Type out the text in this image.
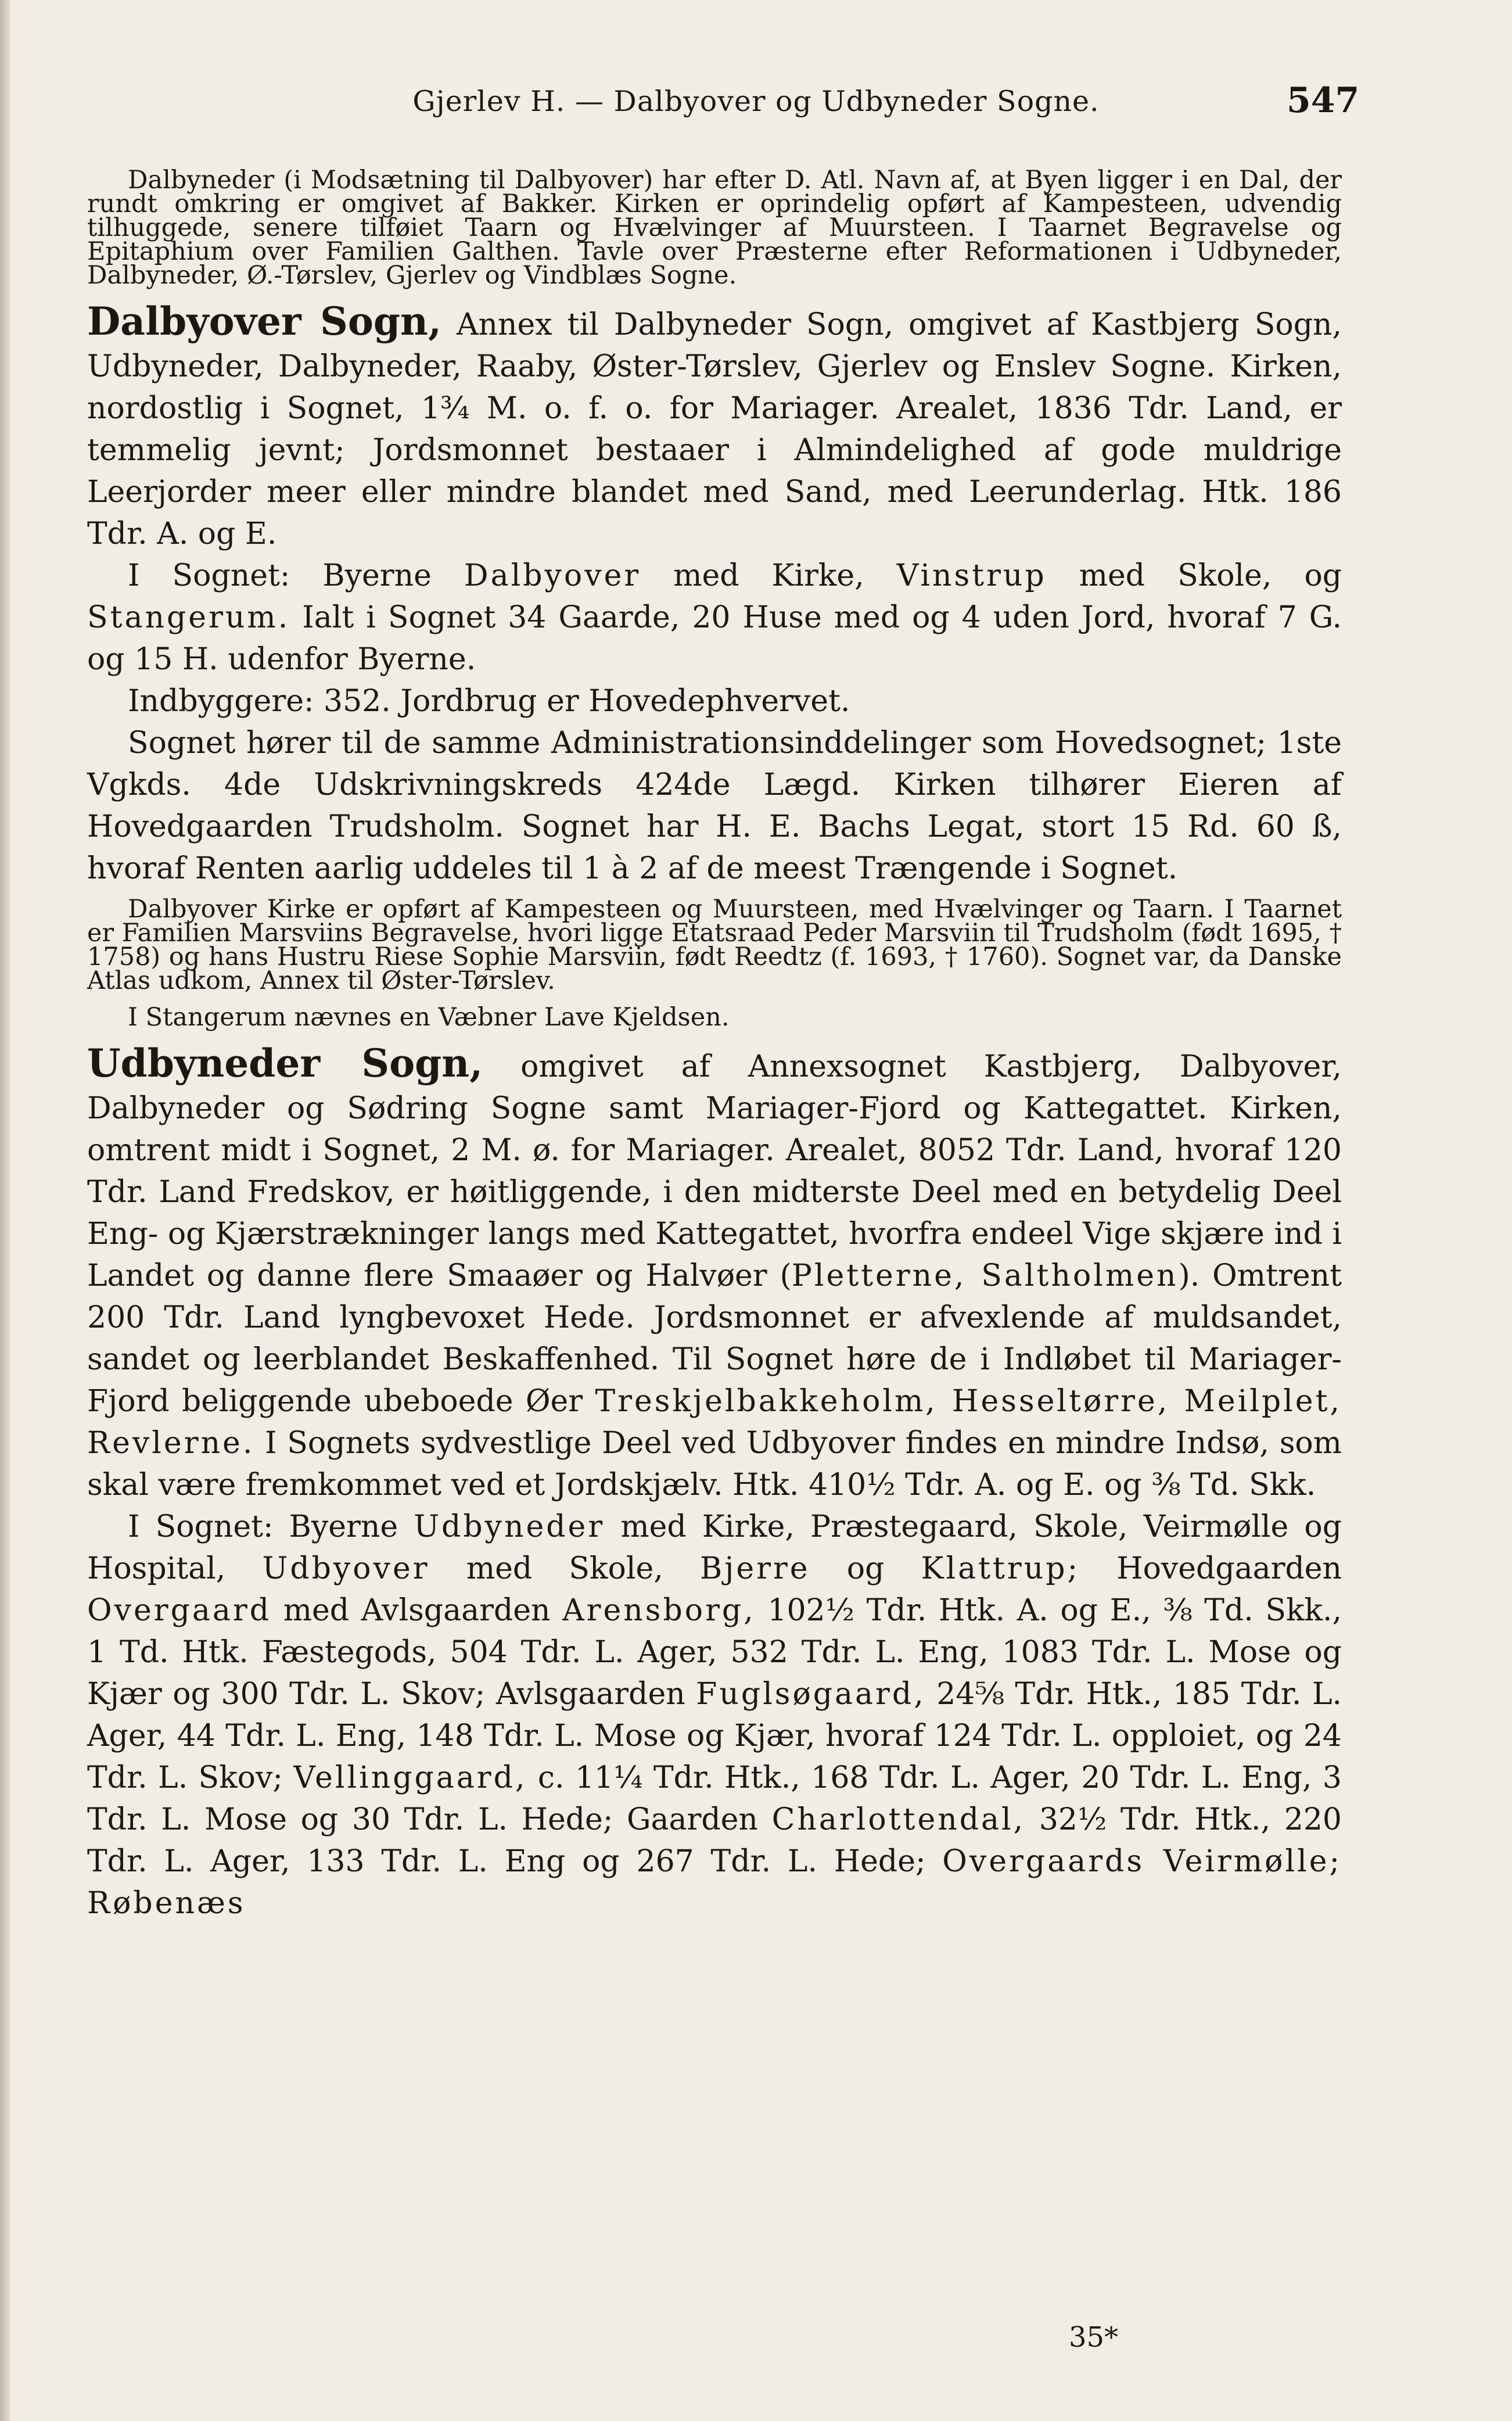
Gjerlev H. — Dalbyover og Udbyneder Sogne.	547

Dalbyneder (i Modsætning til Dalbyover) har efter D. Atl. Navn af, at Byen ligger i en Dal, der rundt omkring er omgivet af Bakker. Kirken er oprindelig opført af Kampesteen, udvendig tilhuggede, senere tilføiet Taarn og Hvælvinger af Muursteen. I Taarnet Begravelse og Epitaphium over Familien Galthen. Tavle over Præsterne efter Reformationen i Udbyneder, Dalbyneder, Ø.-Tørslev, Gjerlev og Vindblæs Sogne.

Dalbyover Sogn, Annex til Dalbyneder Sogn, omgivet af Kastbjerg Sogn, Udbyneder, Dalbyneder, Raaby, Øster-Tørslev, Gjerlev og Enslev Sogne. Kirken, nordostlig i Sognet, 1¾ M. o. f. o. for Mariager. Arealet, 1836 Tdr. Land, er temmelig jevnt; Jordsmonnet bestaaer i Almindelighed af gode muldrige Leerjorder meer eller mindre blandet med Sand, med Leerunderlag. Htk. 186 Tdr. A. og E.

I Sognet: Byerne Dalbyover med Kirke, Vinstrup med Skole, og Stangerum. Ialt i Sognet 34 Gaarde, 20 Huse med og 4 uden Jord, hvoraf 7 G. og 15 H. udenfor Byerne.

Indbyggere: 352. Jordbrug er Hovedерhvervet.

Sognet hører til de samme Administrationsinddelinger som Hovedsognet; 1ste Vgkds. 4de Udskrivningskreds 424de Lægd. Kirken tilhører Eieren af Hovedgaarden Trudsholm. Sognet har H. E. Bachs Legat, stort 15 Rd. 60 ß, hvoraf Renten aarlig uddeles til 1 à 2 af de meest Trængende i Sognet.

Dalbyover Kirke er opført af Kampesteen og Muursteen, med Hvælvinger og Taarn. I Taarnet er Familien Marsviins Begravelse, hvori ligge Etatsraad Peder Marsviin til Trudsholm (født 1695, † 1758) og hans Hustru Riese Sophie Marsviin, født Reedtz (f. 1693, † 1760). Sognet var, da Danske Atlas udkom, Annex til Øster-Tørslev.

I Stangerum nævnes en Væbner Lave Kjeldsen.

Udbyneder Sogn, omgivet af Annexsognet Kastbjerg, Dalbyover, Dalbyneder og Sødring Sogne samt Mariager-Fjord og Kattegattet. Kirken, omtrent midt i Sognet, 2 M. ø. for Mariager. Arealet, 8052 Tdr. Land, hvoraf 120 Tdr. Land Fredskov, er høitliggende, i den midterste Deel med en betydelig Deel Eng- og Kjærstrækninger langs med Kattegattet, hvorfra endeel Vige skjære ind i Landet og danne flere Smaaøer og Halvøer (Pletterne, Saltholmen). Omtrent 200 Tdr. Land lyngbevoxet Hede. Jordsmonnet er afvexlende af muldsandet, sandet og leerblandet Beskaffenhed. Til Sognet høre de i Indløbet til Mariager-Fjord beliggende ubeboede Øer Treskjelbakkeholm, Hesseltørre, Meilplet, Revlerne. I Sognets sydvestlige Deel ved Udbyover findes en mindre Indsø, som skal være fremkommet ved et Jordskjælv. Htk. 410½ Tdr. A. og E. og ⅜ Td. Skk.

I Sognet: Byerne Udbyneder med Kirke, Præstegaard, Skole, Veirmølle og Hospital, Udbyover med Skole, Bjerre og Klattrup; Hovedgaarden Overgaard med Avlsgaarden Arensborg, 102½ Tdr. Htk. A. og E., ⅜ Td. Skk., 1 Td. Htk. Fæstegods, 504 Tdr. L. Ager, 532 Tdr. L. Eng, 1083 Tdr. L. Mose og Kjær og 300 Tdr. L. Skov; Avlsgaarden Fuglsøgaard, 24⅝ Tdr. Htk., 185 Tdr. L. Ager, 44 Tdr. L. Eng, 148 Tdr. L. Mose og Kjær, hvoraf 124 Tdr. L. opploiet, og 24 Tdr. L. Skov; Vellinggaard, c. 11¼ Tdr. Htk., 168 Tdr. L. Ager, 20 Tdr. L. Eng, 3 Tdr. L. Mose og 30 Tdr. L. Hede; Gaarden Charlottendal, 32½ Tdr. Htk., 220 Tdr. L. Ager, 133 Tdr. L. Eng og 267 Tdr. L. Hede; Overgaards Veirmølle; Røbenæs

35*
